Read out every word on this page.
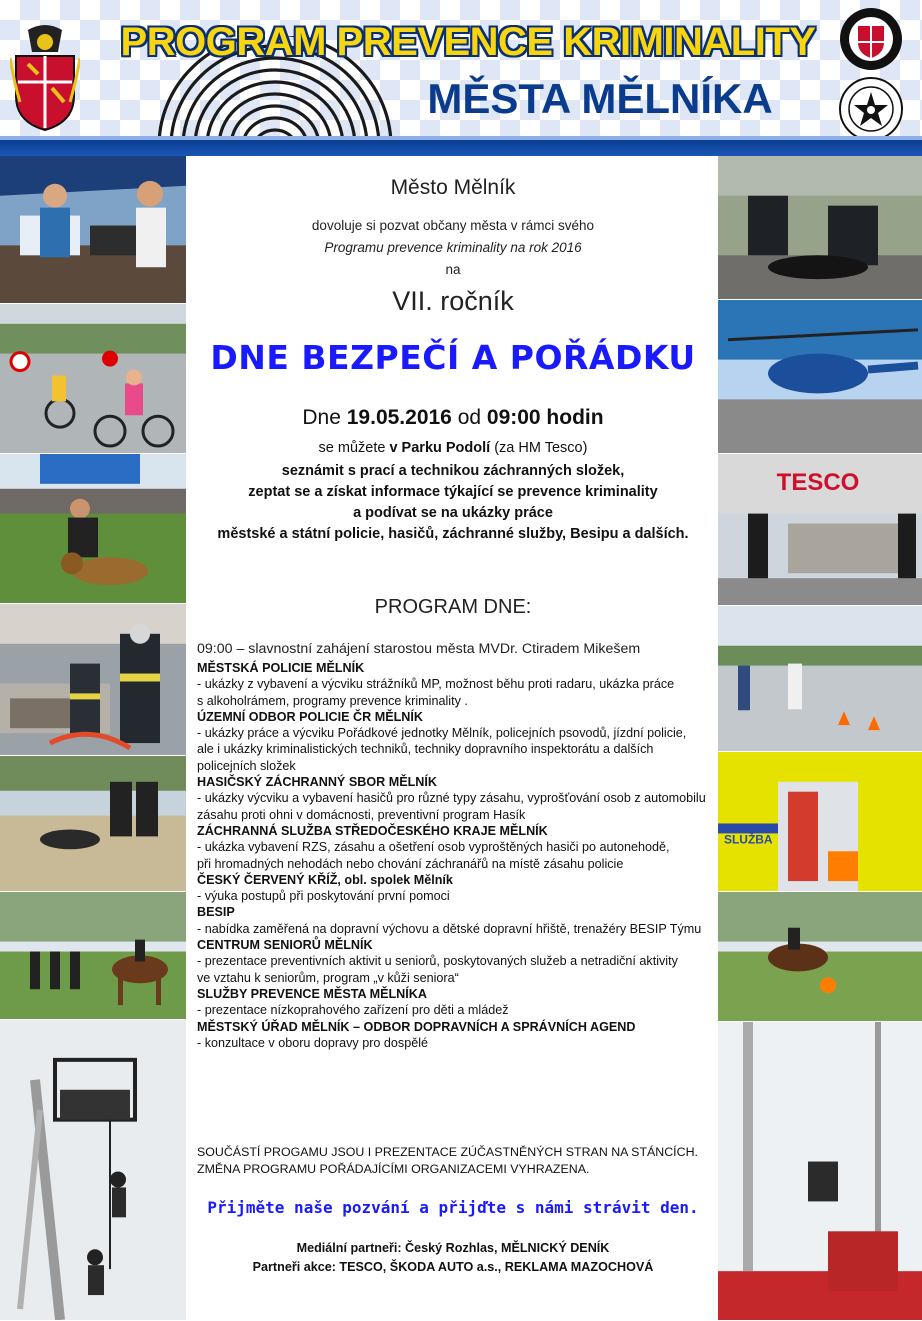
PROGRAM PREVENCE KRIMINALITY
MĚSTA MĚLNÍKA
TESCO
SLUŽBA
Město Mělník
dovoluje si pozvat občany města v rámci svého
Programu prevence kriminality na rok 2016
na
VII. ročník
DNE BEZPEČÍ A POŘÁDKU
Dne 19.05.2016 od 09:00 hodin
se můžete v Parku Podolí (za HM Tesco)
seznámit s prací a technikou záchranných složek,
zeptat se a získat informace týkající se prevence kriminality
a podívat se na ukázky práce
městské a státní policie, hasičů, záchranné služby, Besipu a dalších.
PROGRAM DNE:
09:00 – slavnostní zahájení starostou města MVDr. Ctiradem Mikešem
MĚSTSKÁ POLICIE MĚLNÍK
- ukázky z vybavení a výcviku strážníků MP, možnost běhu proti radaru, ukázka práce
s alkoholrámem, programy prevence kriminality .
ÚZEMNÍ ODBOR POLICIE ČR MĚLNÍK
- ukázky práce a výcviku Pořádkové jednotky Mělník, policejních psovodů, jízdní policie,
ale i ukázky kriminalistických techniků, techniky dopravního inspektorátu a dalších
policejních složek
HASIČSKÝ ZÁCHRANNÝ SBOR MĚLNÍK
- ukázky výcviku a vybavení hasičů pro různé typy zásahu, vyprošťování osob z automobilu
zásahu proti ohni v domácnosti, preventivní program Hasík
ZÁCHRANNÁ SLUŽBA STŘEDOČESKÉHO KRAJE MĚLNÍK
- ukázka vybavení RZS, zásahu a ošetření osob vyproštěných hasiči po autonehodě,
při hromadných nehodách nebo chování záchranářů na místě zásahu policie
ČESKÝ ČERVENÝ KŘÍŽ, obl. spolek Mělník
- výuka postupů při poskytování první pomoci
BESIP
- nabídka zaměřená na dopravní výchovu a dětské dopravní hřiště, trenažéry BESIP Týmu
CENTRUM SENIORŮ MĚLNÍK
- prezentace preventivních aktivit u seniorů, poskytovaných služeb a netradiční aktivity
ve vztahu k seniorům, program „v kůži seniora“
SLUŽBY PREVENCE MĚSTA MĚLNÍKA
- prezentace nízkoprahového zařízení pro děti a mládež
MĚSTSKÝ ÚŘAD MĚLNÍK – ODBOR DOPRAVNÍCH A SPRÁVNÍCH AGEND
- konzultace v oboru dopravy pro dospělé
SOUČÁSTÍ PROGAMU JSOU I PREZENTACE ZÚČASTNĚNÝCH STRAN NA STÁNCÍCH.
ZMĚNA PROGRAMU POŘÁDAJÍCÍMI ORGANIZACEMI VYHRAZENA.
Přijměte naše pozvání a přijďte s námi strávit den.
Mediální partneři: Český Rozhlas, MĚLNICKÝ DENÍK
Partneři akce: TESCO, ŠKODA AUTO a.s., REKLAMA MAZOCHOVÁ
